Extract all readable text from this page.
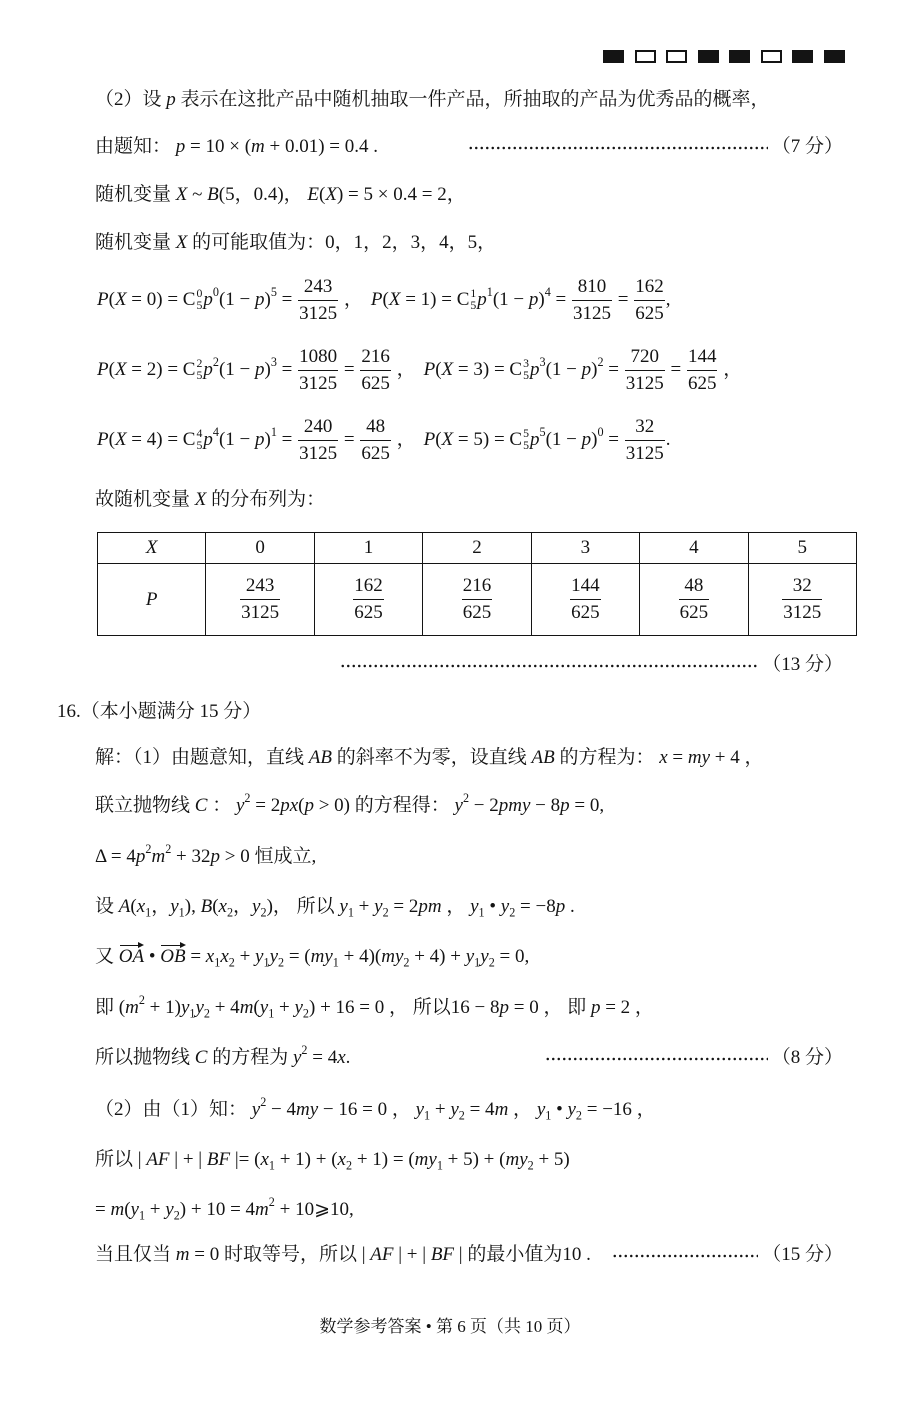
（2）设 p 表示在这批产品中随机抽取一件产品，所抽取的产品为优秀品的概率，
由题知： p = 10 × (m + 0.01) = 0.4 .	（7 分）
随机变量 X ~ B(5，0.4)， E(X) = 5 × 0.4 = 2，
随机变量 X 的可能取值为：0，1，2，3，4，5，
P(X = 0) = C 0
5 $p^0(1 - p)^5 = \frac{243}{3125}$ ， P(X = 1) = C 1
5 $p^1(1 - p)^4 = \frac{810}{3125} = \frac{162}{625}$ ,
P(X = 2) = C 2
5 $p^2(1 - p)^3 = \frac{1080}{3125} = \frac{216}{625}$ ， P(X = 3) = C 3
5 $p^3(1 - p)^2 = \frac{720}{3125} = \frac{144}{625}$ ，
P(X = 4) = C 4
5 $p^4(1 - p)^1 = \frac{240}{3125} = \frac{48}{625}$ ， P(X = 5) = C 5
5 $p^5(1 - p)^0 = \frac{32}{3125}$ .
故随机变量 X 的分布列为：
X	0	1	2	3	4	5
P	$\frac{243}{3125}$	$\frac{162}{625}$	$\frac{216}{625}$	$\frac{144}{625}$	$\frac{48}{625}$	$\frac{32}{3125}$
（13 分）
16.（本小题满分 15 分）
解：（1）由题意知，直线 AB 的斜率不为零，设直线 AB 的方程为： x = my + 4 ，
联立抛物线 C ： $y^2 = 2px(p > 0)$ 的方程得： $y^2 - 2pmy - 8p = 0$,
$\Delta = 4p^2m^2 + 32p > 0$ 恒成立,
设 $A(x_1$，$y_1$), $B(x_2$，$y_2$)， 所以 $y_1 + y_2 = 2pm$ ， $y_1$ • $y_2 = -8p$ .
又 OA • OB = $x_1x_2 + y_1y_2 = (my_1 + 4)(my_2 + 4) + y_1y_2 = 0$,
即 $(m^2 + 1)y_1y_2 + 4m(y_1 + y_2) + 16 = 0$ ， 所以16 − 8p = 0 ， 即 p = 2 ，
所以抛物线 C 的方程为 $y^2 = 4x$.	（8 分）
（2）由（1）知： $y^2 - 4my - 16 = 0$ ， $y_1 + y_2 = 4m$ ， $y_1$ • $y_2 = -16$ ，
所以 | AF | + | BF |= $(x_1 + 1) + (x_2 + 1) = (my_1 + 5) + (my_2 + 5)$
= $m(y_1 + y_2) + 10 = 4m^2$ + 10⩾10,
当且仅当 m = 0 时取等号，所以 | AF | + | BF | 的最小值为10 .	（15 分）
数学参考答案 • 第 6 页（共 10 页）
